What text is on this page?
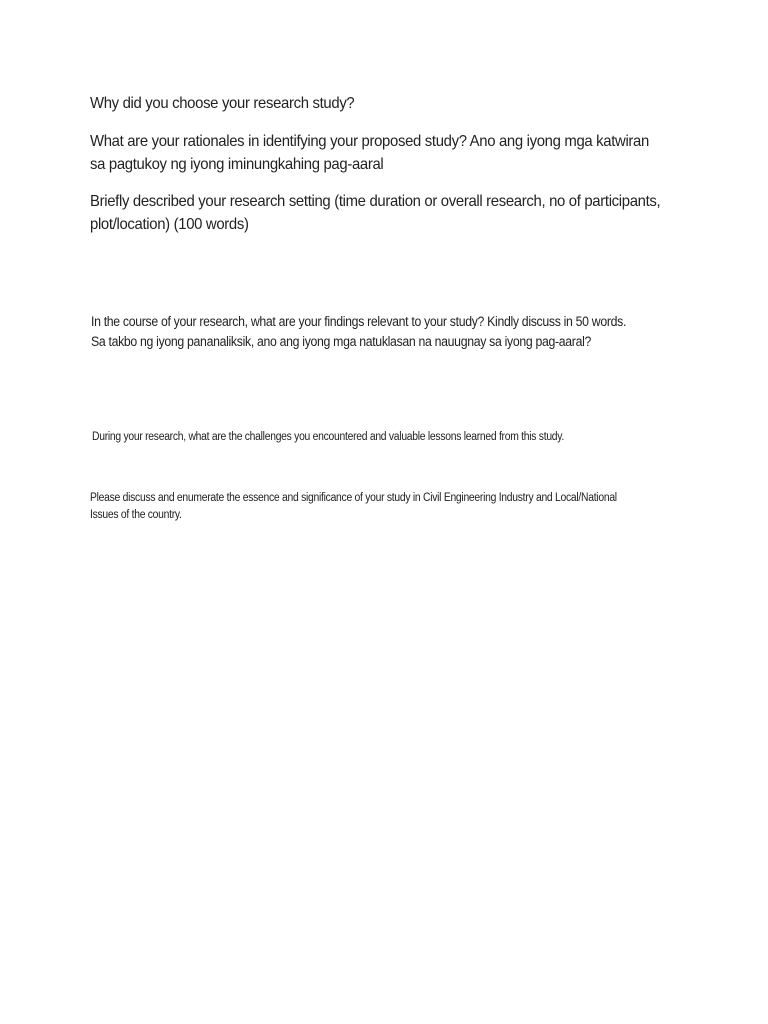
Why did you choose your research study?

What are your rationales in identifying your proposed study? Ano ang iyong mga katwiran
sa pagtukoy ng iyong iminungkahing pag-aaral

Briefly described your research setting (time duration or overall research, no of participants,
plot/location) (100 words)

In the course of your research, what are your findings relevant to your study? Kindly discuss in 50 words.
Sa takbo ng iyong pananaliksik, ano ang iyong mga natuklasan na nauugnay sa iyong pag-aaral?

During your research, what are the challenges you encountered and valuable lessons learned from this study.

Please discuss and enumerate the essence and significance of your study in Civil Engineering Industry and Local/National
Issues of the country.
